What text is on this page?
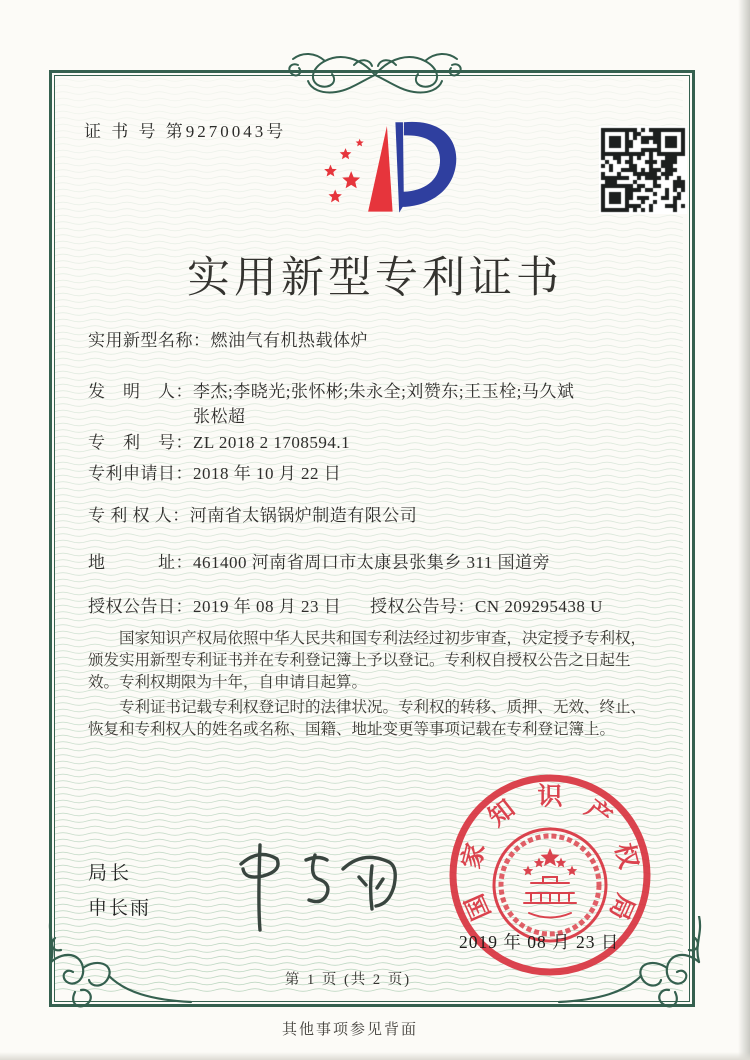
证 书 号 第9270043号
实用新型专利证书
实用新型名称：燃油气有机热载体炉
发　明　人：李杰;李晓光;张怀彬;朱永全;刘赞东;王玉栓;马久斌
张松超
专　利　号：ZL 2018 2 1708594.1
专利申请日：2018 年 10 月 22 日
专 利 权 人：河南省太锅锅炉制造有限公司
地　　　址：461400 河南省周口市太康县张集乡 311 国道旁
授权公告日：2019 年 08 月 23 日 授权公告号：CN 209295438 U

国家知识产权局依照中华人民共和国专利法经过初步审查，决定授予专利权，颁发实用新型专利证书并在专利登记簿上予以登记。专利权自授权公告之日起生效。专利权期限为十年，自申请日起算。

专利证书记载专利权登记时的法律状况。专利权的转移、质押、无效、终止、恢复和专利权人的姓名或名称、国籍、地址变更等事项记载在专利登记簿上。

局长
申长雨	国
家
知 识 产
权
局
2019 年 08 月 23 日
第 1 页 (共 2 页)
其他事项参见背面
